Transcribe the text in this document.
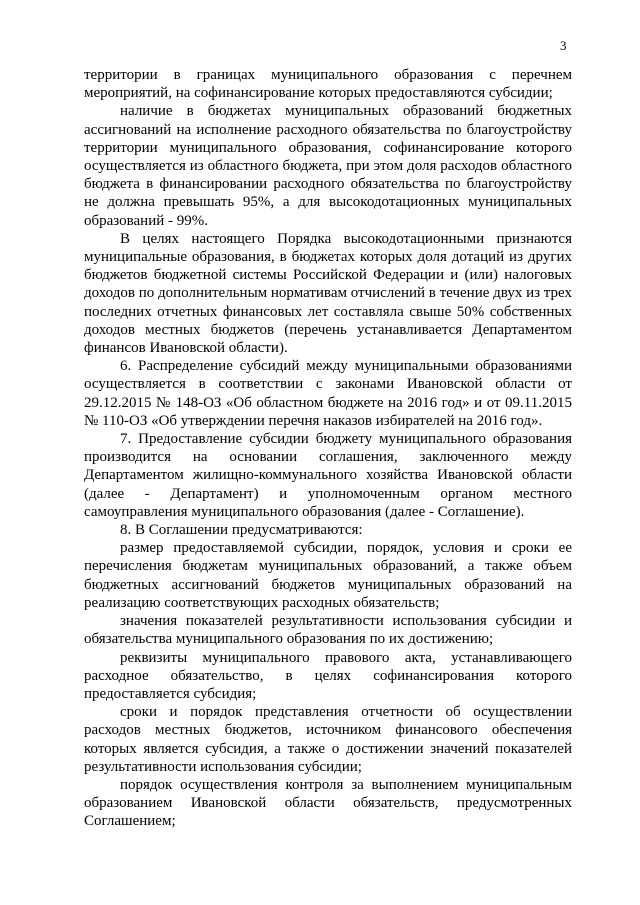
3

территории в границах муниципального образования с перечнем мероприятий, на софинансирование которых предоставляются субсидии;

наличие в бюджетах муниципальных образований бюджетных ассигнований на исполнение расходного обязательства по благоустройству территории муниципального образования, софинансирование которого осуществляется из областного бюджета, при этом доля расходов областного бюджета в финансировании расходного обязательства по благоустройству не должна превышать 95%, а для высокодотационных муниципальных образований - 99%.

В целях настоящего Порядка высокодотационными признаются муниципальные образования, в бюджетах которых доля дотаций из других бюджетов бюджетной системы Российской Федерации и (или) налоговых доходов по дополнительным нормативам отчислений в течение двух из трех последних отчетных финансовых лет составляла свыше 50% собственных доходов местных бюджетов (перечень устанавливается Департаментом финансов Ивановской области).

6. Распределение субсидий между муниципальными образованиями осуществляется в соответствии с законами Ивановской области от 29.12.2015 № 148-ОЗ «Об областном бюджете на 2016 год» и от 09.11.2015 № 110-ОЗ «Об утверждении перечня наказов избирателей на 2016 год».

7. Предоставление субсидии бюджету муниципального образования производится на основании соглашения, заключенного между Департаментом жилищно-коммунального хозяйства Ивановской области (далее - Департамент) и уполномоченным органом местного самоуправления муниципального образования (далее - Соглашение).

8. В Соглашении предусматриваются:

размер предоставляемой субсидии, порядок, условия и сроки ее перечисления бюджетам муниципальных образований, а также объем бюджетных ассигнований бюджетов муниципальных образований на реализацию соответствующих расходных обязательств;

значения показателей результативности использования субсидии и обязательства муниципального образования по их достижению;

реквизиты муниципального правового акта, устанавливающего расходное обязательство, в целях софинансирования которого предоставляется субсидия;

сроки и порядок представления отчетности об осуществлении расходов местных бюджетов, источником финансового обеспечения которых является субсидия, а также о достижении значений показателей результативности использования субсидии;

порядок осуществления контроля за выполнением муниципальным образованием Ивановской области обязательств, предусмотренных Соглашением;
